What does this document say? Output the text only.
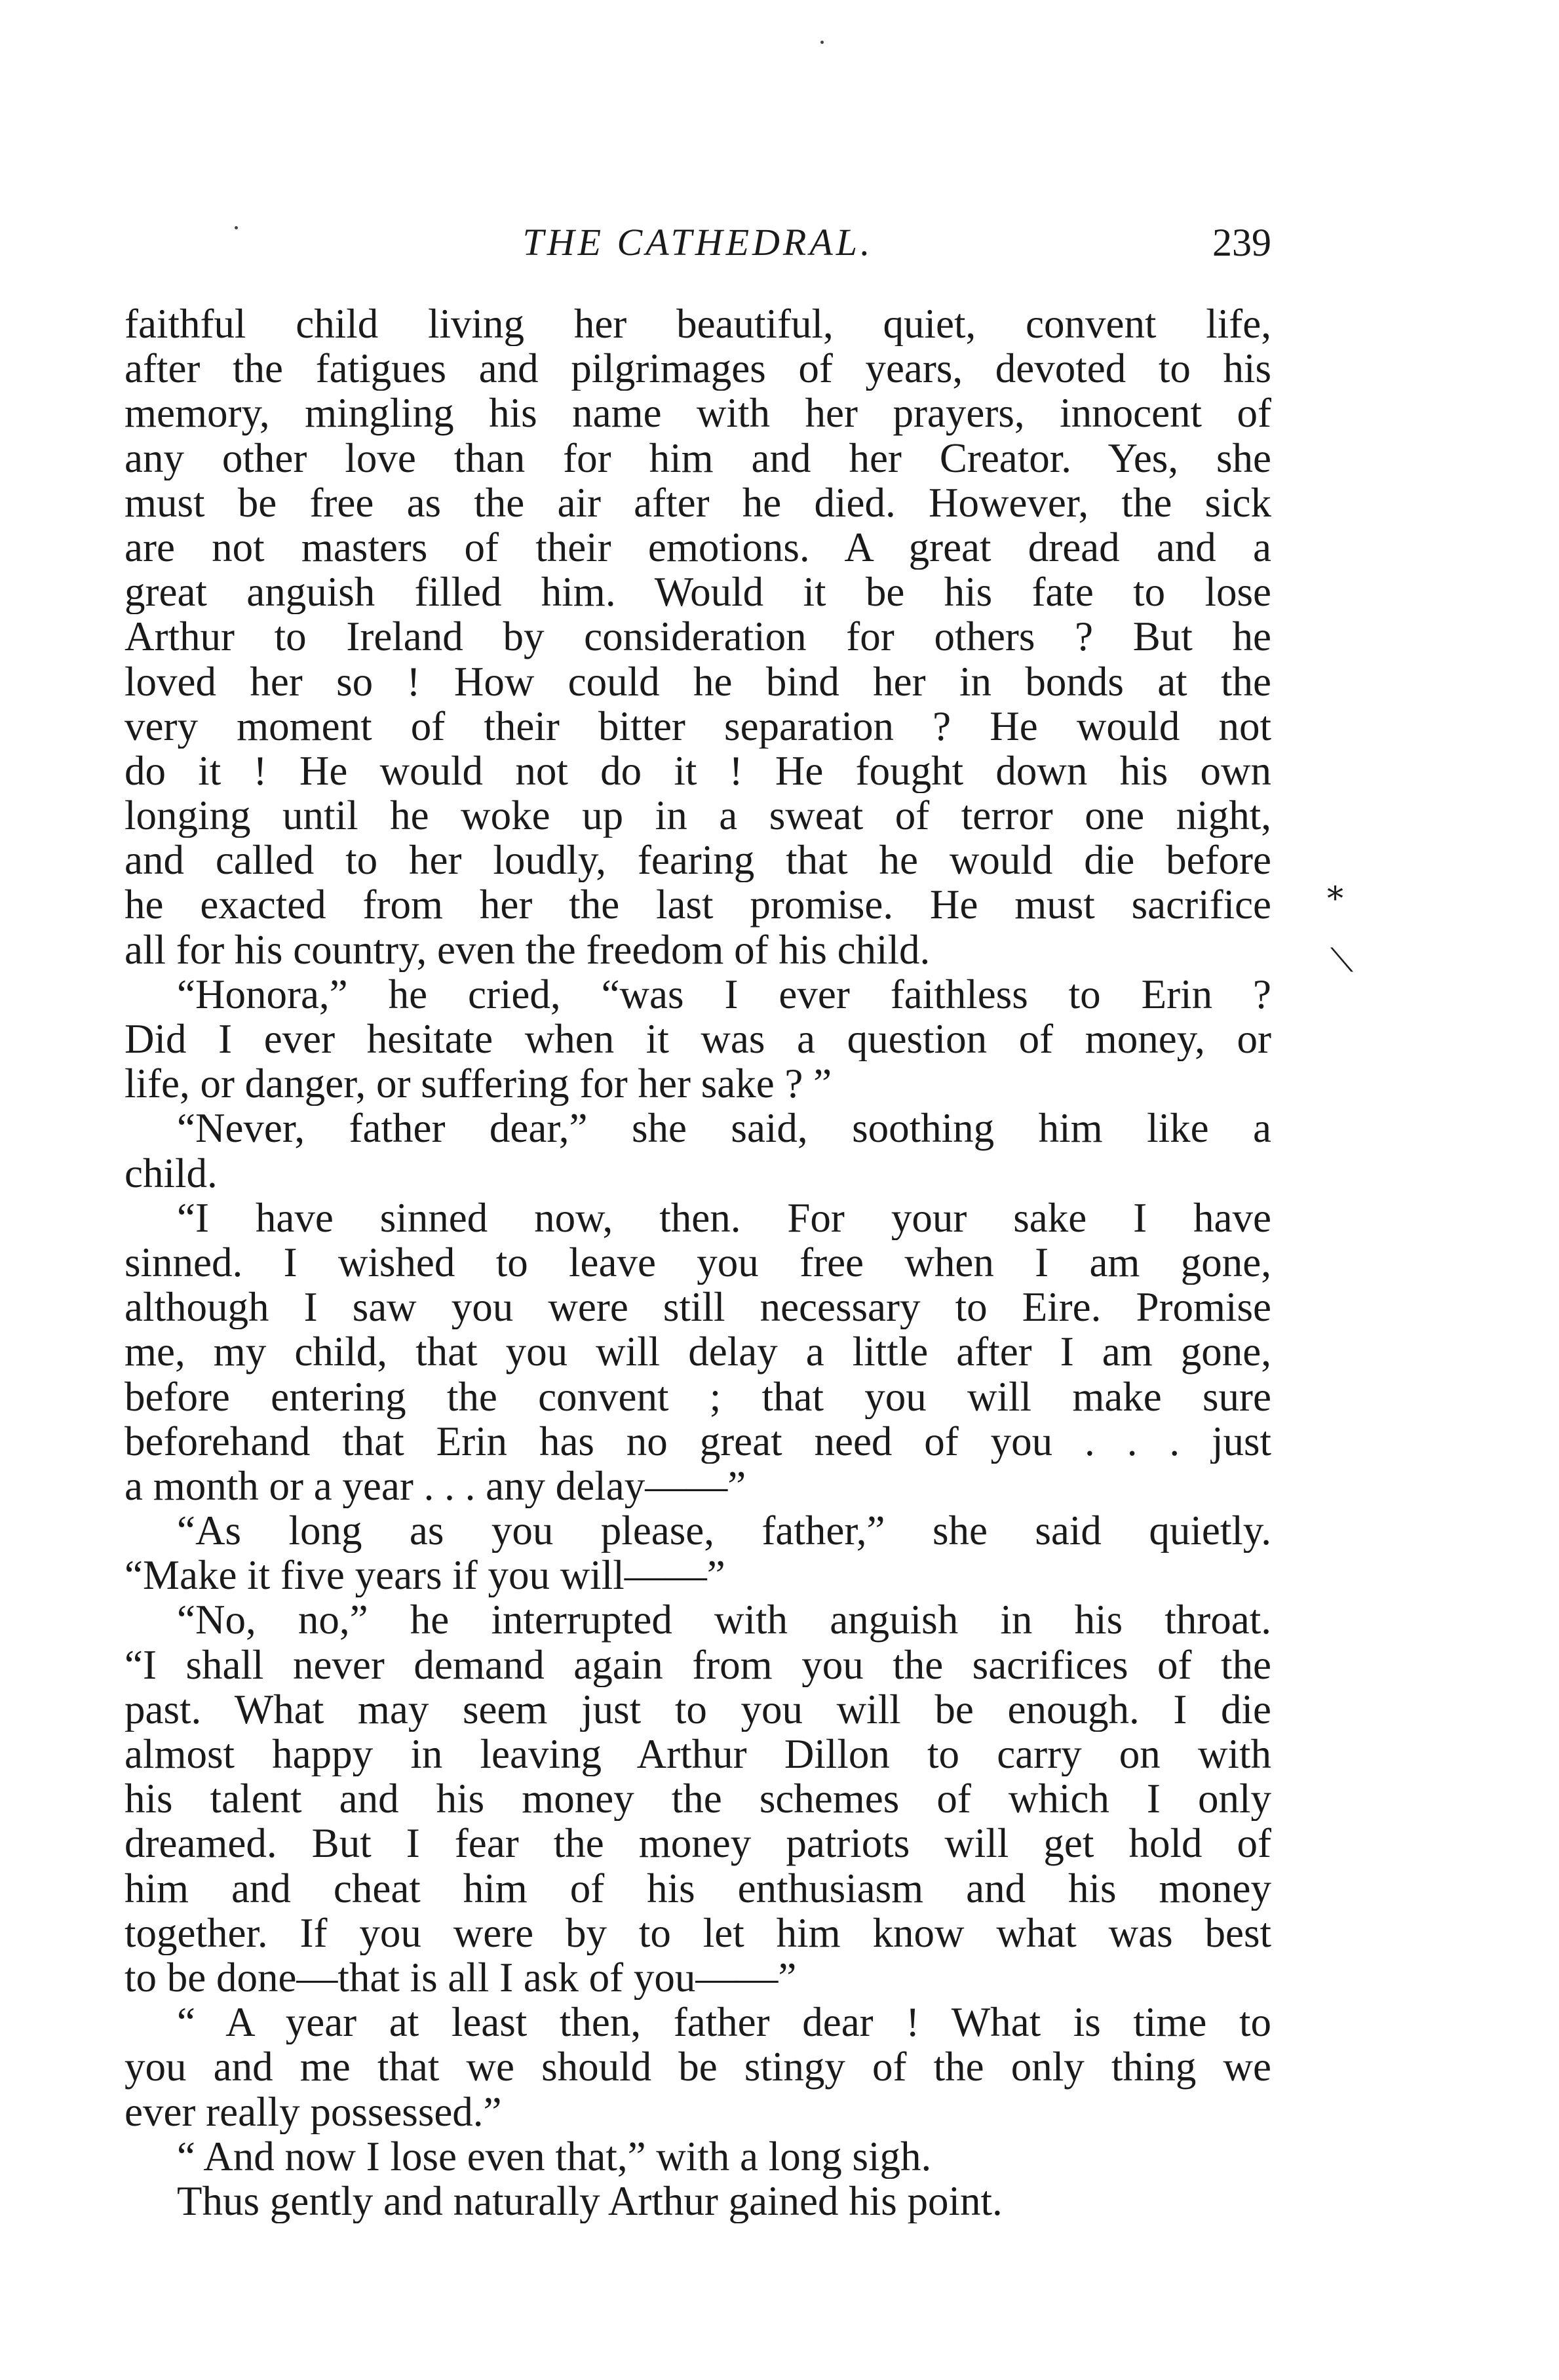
THE CATHEDRAL.	239
faithful child living her beautiful, quiet, convent life,
after the fatigues and pilgrimages of years, devoted to his
memory, mingling his name with her prayers, innocent of
any other love than for him and her Creator. Yes, she
must be free as the air after he died. However, the sick
are not masters of their emotions. A great dread and a
great anguish filled him. Would it be his fate to lose
Arthur to Ireland by consideration for others ? But he
loved her so ! How could he bind her in bonds at the
very moment of their bitter separation ? He would not
do it ! He would not do it ! He fought down his own
longing until he woke up in a sweat of terror one night,
and called to her loudly, fearing that he would die before
he exacted from her the last promise. He must sacrifice
all for his country, even the freedom of his child.
“Honora,” he cried, “was I ever faithless to Erin ?
Did I ever hesitate when it was a question of money, or
life, or danger, or suffering for her sake ? ”
“Never, father dear,” she said, soothing him like a
child.
“I have sinned now, then. For your sake I have
sinned. I wished to leave you free when I am gone,
although I saw you were still necessary to Eire. Promise
me, my child, that you will delay a little after I am gone,
before entering the convent ; that you will make sure
beforehand that Erin has no great need of you . . . just
a month or a year . . . any delay——”
“As long as you please, father,” she said quietly.
“Make it five years if you will——”
“No, no,” he interrupted with anguish in his throat.
“I shall never demand again from you the sacrifices of the
past. What may seem just to you will be enough. I die
almost happy in leaving Arthur Dillon to carry on with
his talent and his money the schemes of which I only
dreamed. But I fear the money patriots will get hold of
him and cheat him of his enthusiasm and his money
together. If you were by to let him know what was best
to be done—that is all I ask of you——”
“ A year at least then, father dear ! What is time to
you and me that we should be stingy of the only thing we
ever really possessed.”
“ And now I lose even that,” with a long sigh.
Thus gently and naturally Arthur gained his point.
⁎
⟍
